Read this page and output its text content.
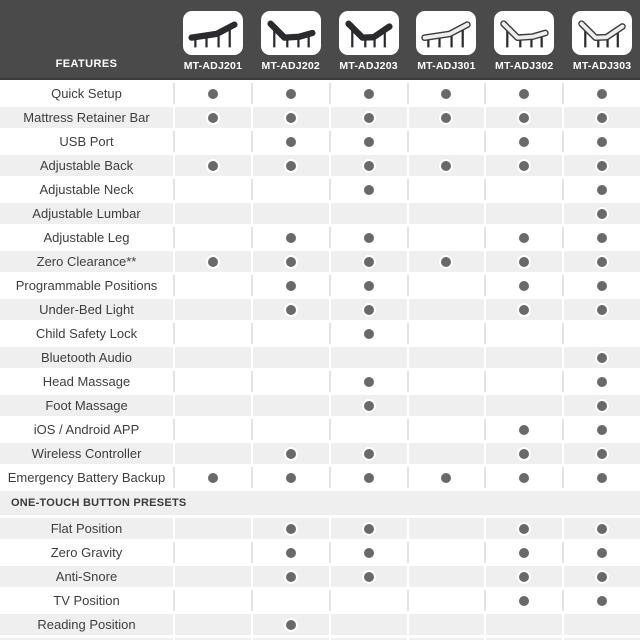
FEATURES	MT-ADJ201 MT-ADJ202 MT-ADJ203 MT-ADJ301 MT-ADJ302 MT-ADJ303
Quick Setup
Mattress Retainer Bar
USB Port
Adjustable Back
Adjustable Neck
Adjustable Lumbar
Adjustable Leg
Zero Clearance**
Programmable Positions
Under-Bed Light
Child Safety Lock
Bluetooth Audio
Head Massage
Foot Massage
iOS / Android APP
Wireless Controller
Emergency Battery Backup
ONE-TOUCH BUTTON PRESETS
Flat Position
Zero Gravity
Anti-Snore
TV Position
Reading Position
